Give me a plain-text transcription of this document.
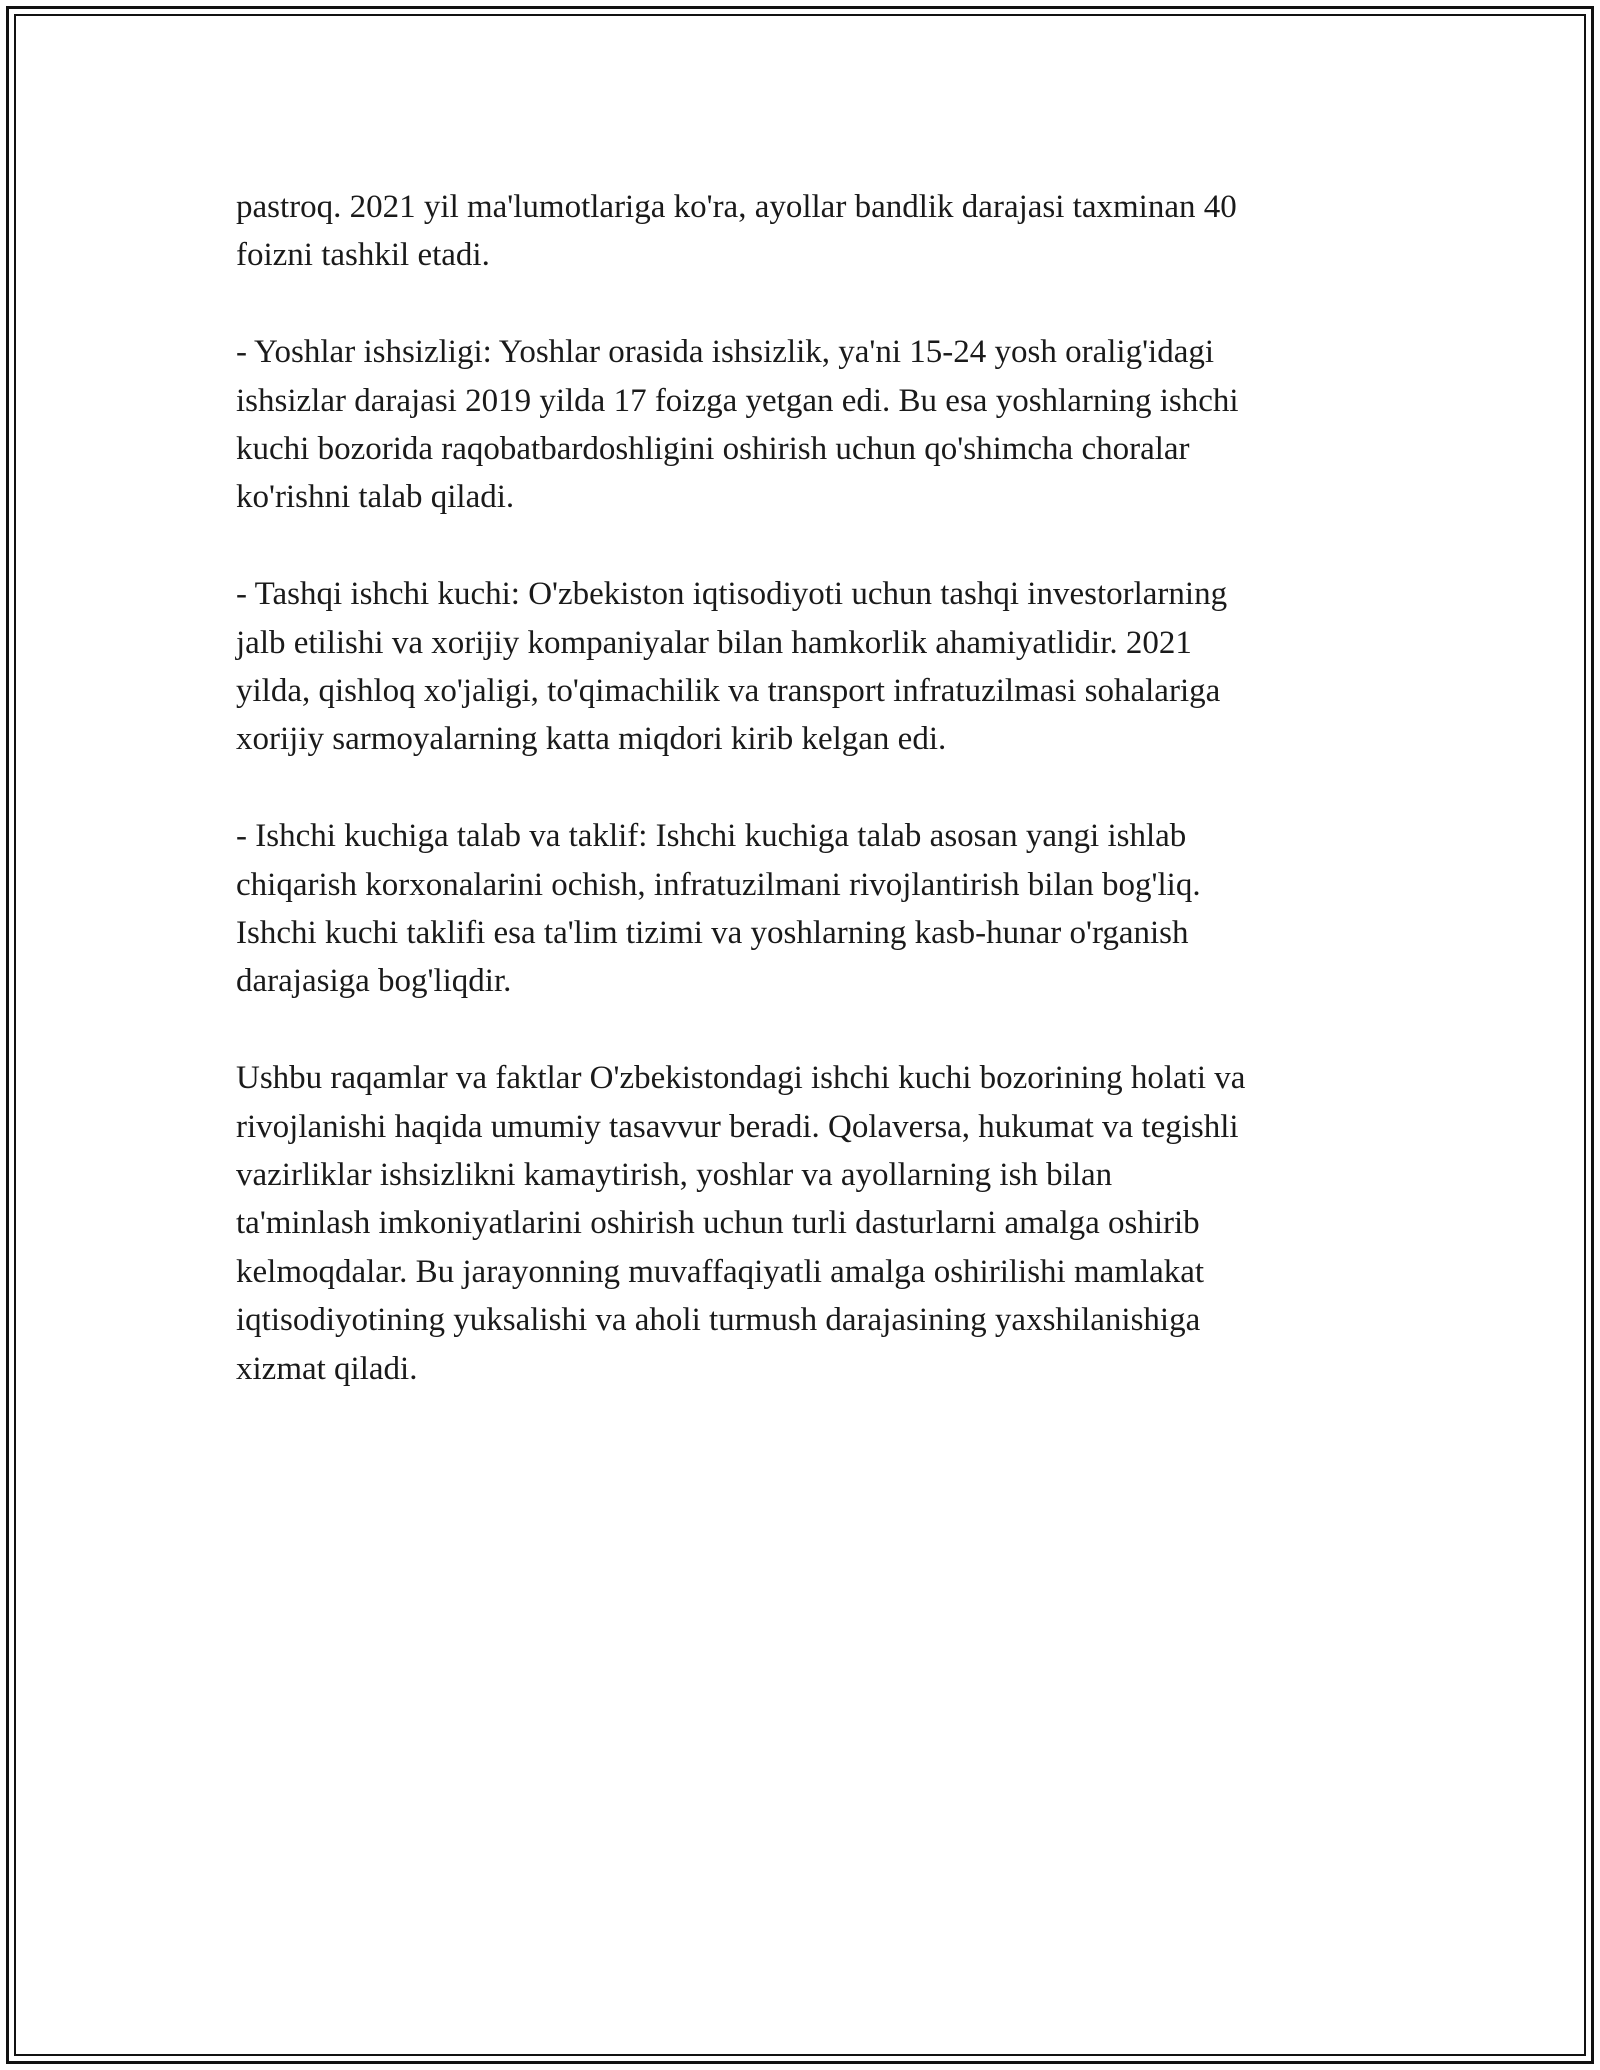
pastroq. 2021 yil ma'lumotlariga ko'ra, ayollar bandlik darajasi taxminan 40
foizni tashkil etadi.

- Yoshlar ishsizligi: Yoshlar orasida ishsizlik, ya'ni 15-24 yosh oralig'idagi
ishsizlar darajasi 2019 yilda 17 foizga yetgan edi. Bu esa yoshlarning ishchi
kuchi bozorida raqobatbardoshligini oshirish uchun qo'shimcha choralar
ko'rishni talab qiladi.

- Tashqi ishchi kuchi: O'zbekiston iqtisodiyoti uchun tashqi investorlarning
jalb etilishi va xorijiy kompaniyalar bilan hamkorlik ahamiyatlidir. 2021
yilda, qishloq xo'jaligi, to'qimachilik va transport infratuzilmasi sohalariga
xorijiy sarmoyalarning katta miqdori kirib kelgan edi.

- Ishchi kuchiga talab va taklif: Ishchi kuchiga talab asosan yangi ishlab
chiqarish korxonalarini ochish, infratuzilmani rivojlantirish bilan bog'liq.
Ishchi kuchi taklifi esa ta'lim tizimi va yoshlarning kasb-hunar o'rganish
darajasiga bog'liqdir.

Ushbu raqamlar va faktlar O'zbekistondagi ishchi kuchi bozorining holati va
rivojlanishi haqida umumiy tasavvur beradi. Qolaversa, hukumat va tegishli
vazirliklar ishsizlikni kamaytirish, yoshlar va ayollarning ish bilan
ta'minlash imkoniyatlarini oshirish uchun turli dasturlarni amalga oshirib
kelmoqdalar. Bu jarayonning muvaffaqiyatli amalga oshirilishi mamlakat
iqtisodiyotining yuksalishi va aholi turmush darajasining yaxshilanishiga
xizmat qiladi.
